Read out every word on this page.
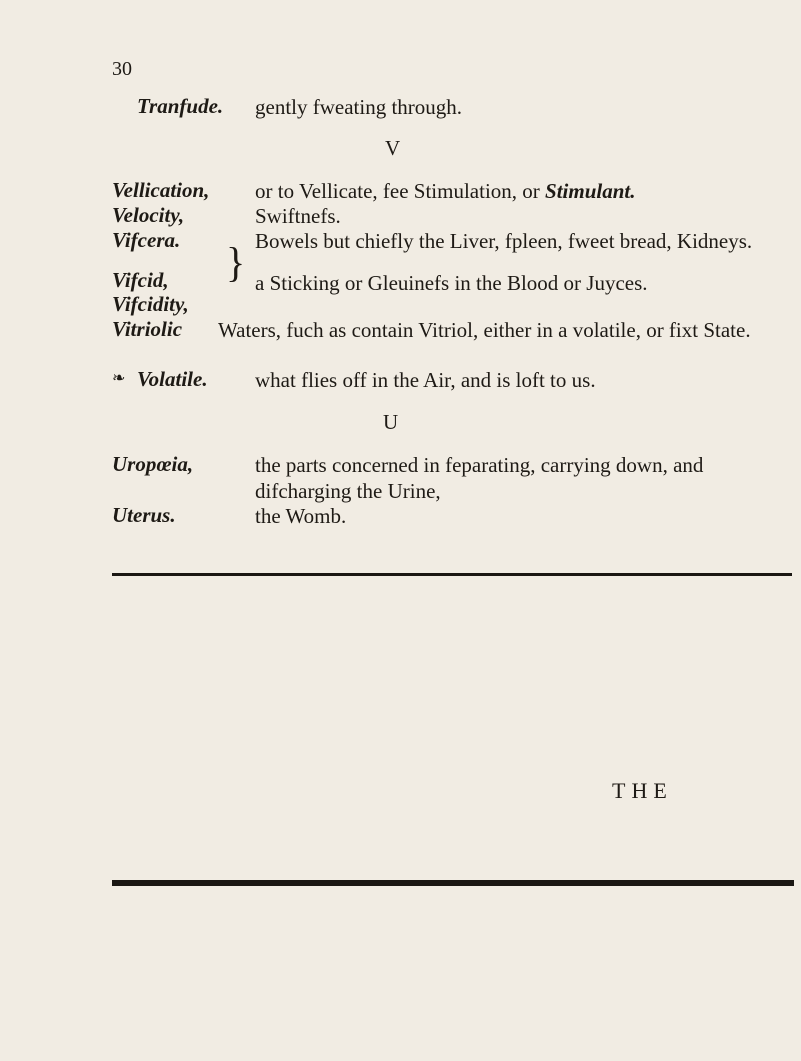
30
Tranfude. gently fweating through.
V
Vellication, or to Vellicate, fee Stimulation, or Stimulant.
Velocity,	Swiftnefs.
Vifcera.	Bowels but chiefly the Liver, fpleen, fweet bread, Kidneys.
Vifcid,
Vifcidity,
} a Sticking or Gleuinefs in the Blood or Juyces.
Vitriolic Waters, fuch as contain Vitriol, either in a volatile, or fixt State.
❧ Volatile. what flies off in the Air, and is loft to us.
U
Uropœia,	the parts concerned in feparating, carrying down, and difcharging the Urine,
Uterus.	the Womb.
THE
